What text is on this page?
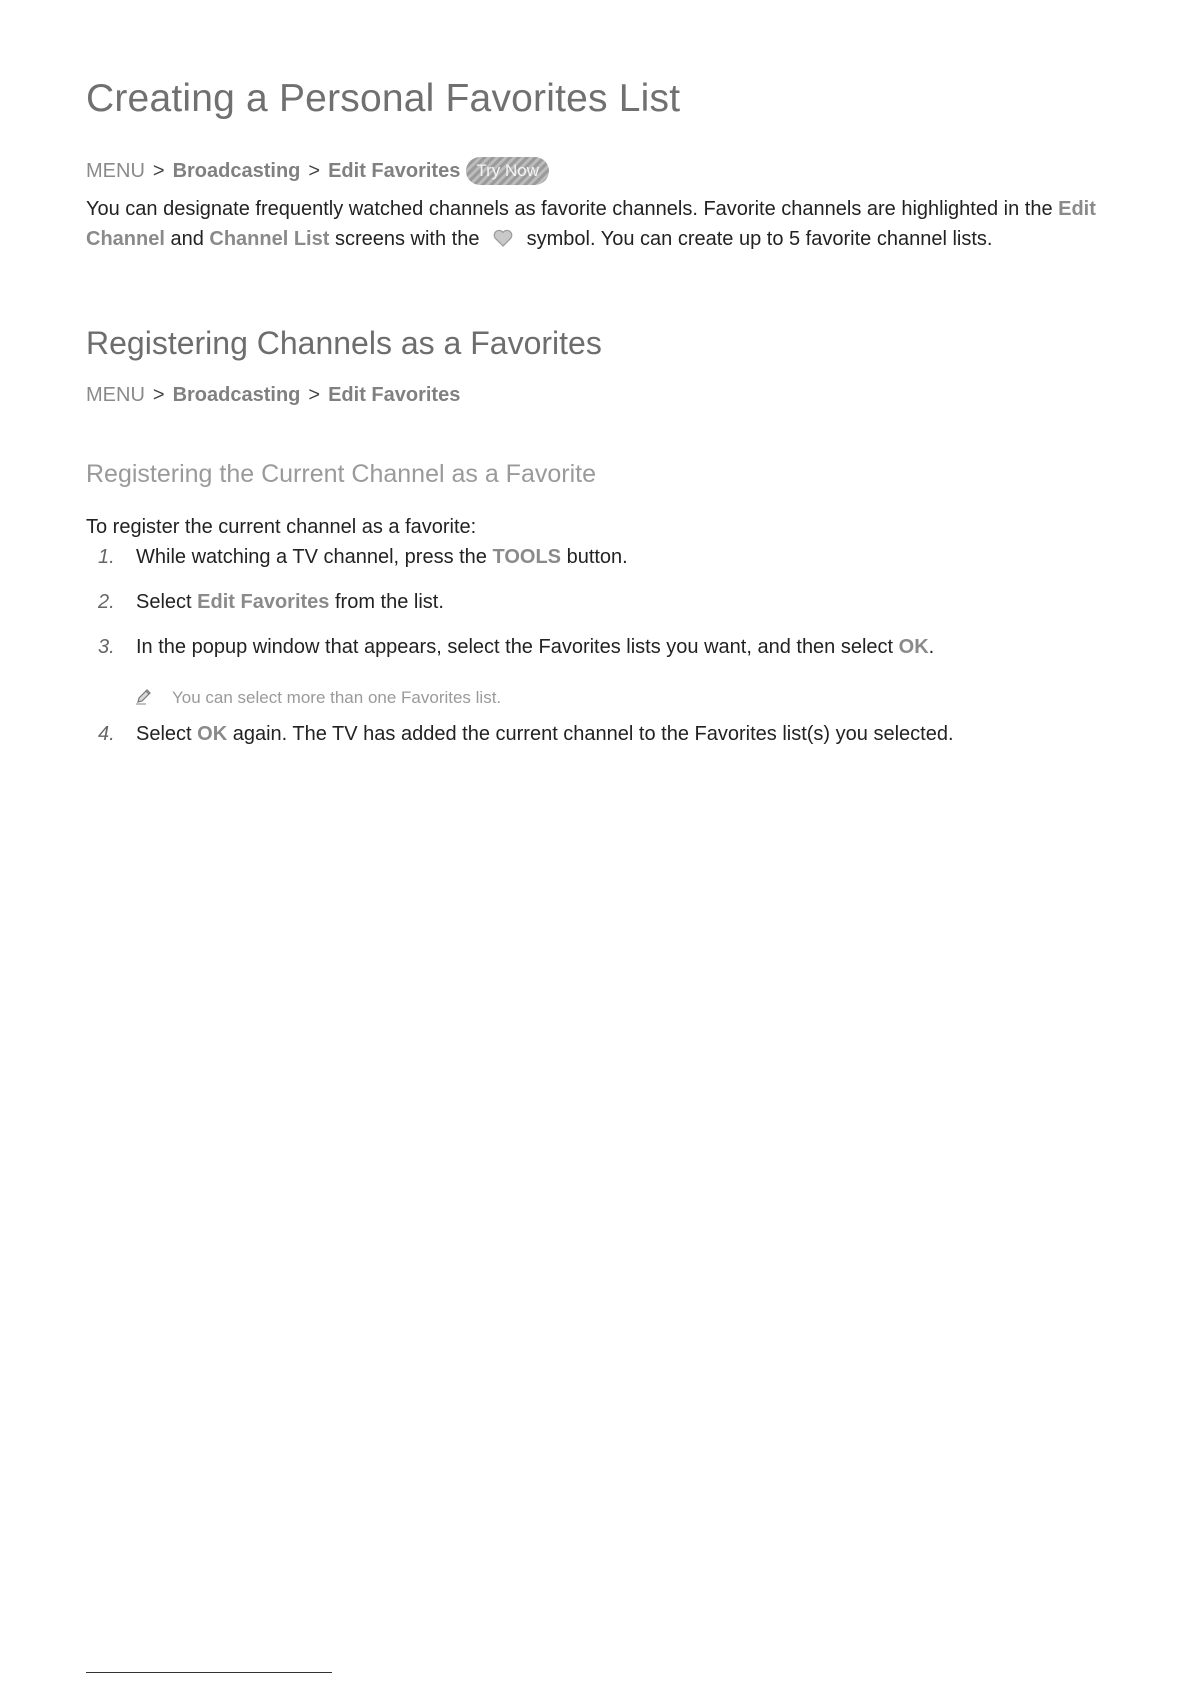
Creating a Personal Favorites List
MENU > Broadcasting > Edit Favorites Try Now

You can designate frequently watched channels as favorite channels. Favorite channels are highlighted in the Edit Channel and Channel List screens with the symbol. You can create up to 5 favorite channel lists.

Registering Channels as a Favorites
MENU > Broadcasting > Edit Favorites
Registering the Current Channel as a Favorite
To register the current channel as a favorite:
1. While watching a TV channel, press the TOOLS button.
2. Select Edit Favorites from the list.
3. In the popup window that appears, select the Favorites lists you want, and then select OK.
You can select more than one Favorites list.
4. Select OK again. The TV has added the current channel to the Favorites list(s) you selected.
